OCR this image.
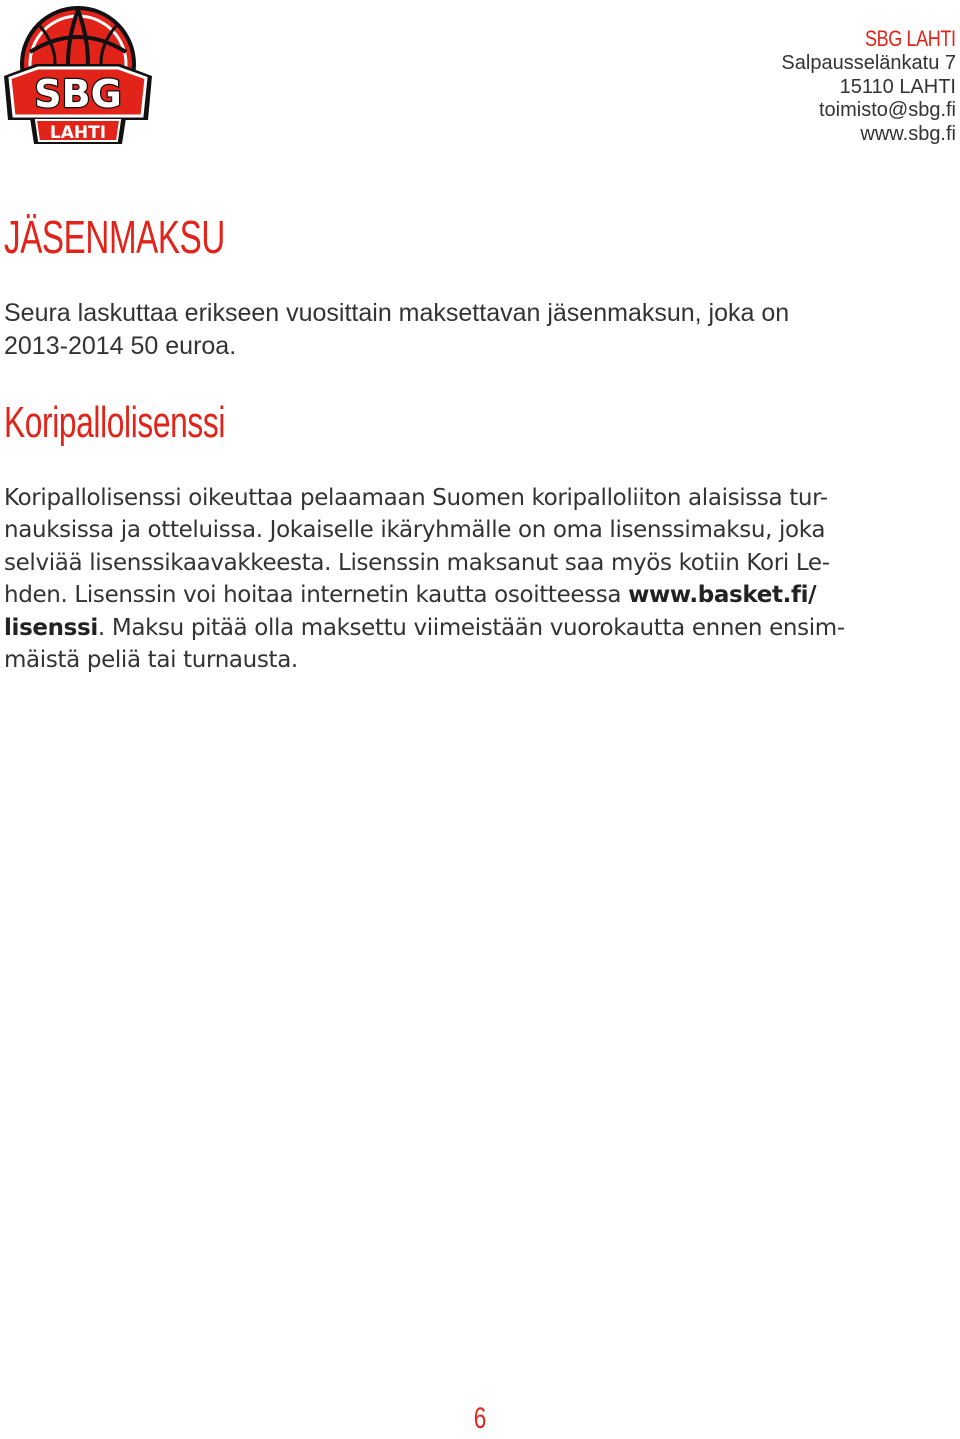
SBG
LAHTI
SBG LAHTI
Salpausselänkatu 7
15110 LAHTI
toimisto@sbg.fi
www.sbg.fi
JÄSENMAKSU

Seura laskuttaa erikseen vuosittain maksettavan jäsenmaksun, joka on
2013-2014 50 euroa.

Koripallolisenssi

Koripallolisenssi oikeuttaa pelaamaan Suomen koripalloliiton alaisissa tur-
nauksissa ja otteluissa. Jokaiselle ikäryhmälle on oma lisenssimaksu, joka
selviää lisenssikaavakkeesta. Lisenssin maksanut saa myös kotiin Kori Le-
hden. Lisenssin voi hoitaa internetin kautta osoitteessa www.basket.fi/
lisenssi. Maksu pitää olla maksettu viimeistään vuorokautta ennen ensim-
mäistä peliä tai turnausta.

6
